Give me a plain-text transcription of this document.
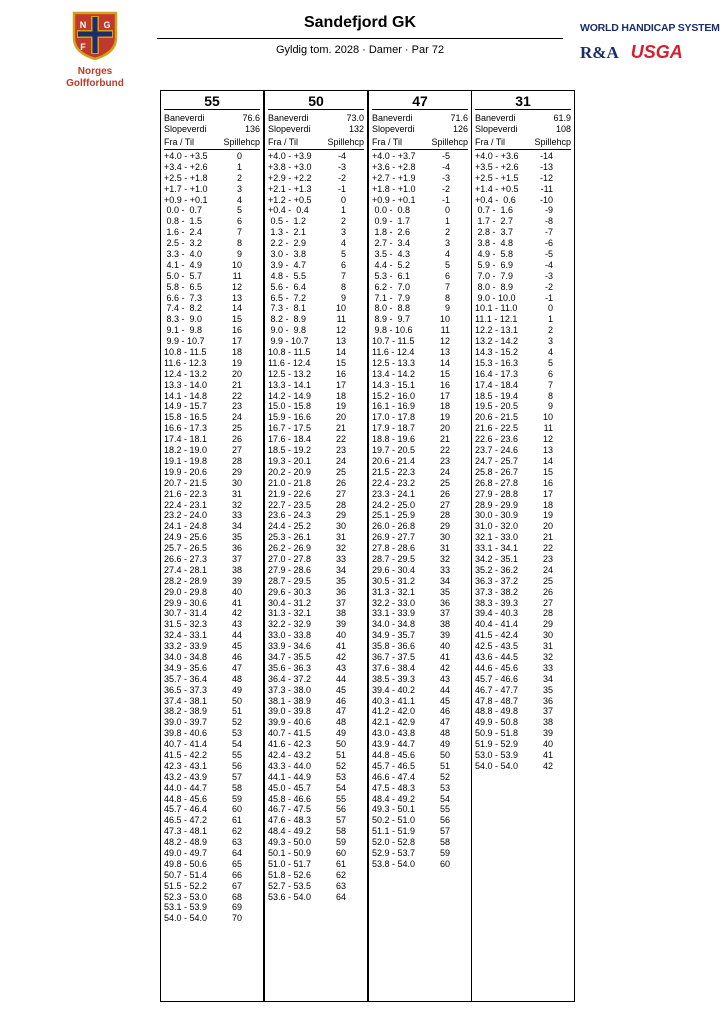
N G
F
Norges
Golfforbund
Sandefjord GK
Gyldig tom. 2028 · Damer · Par 72
WORLD HANDICAP SYSTEM
R&A USGA
55
Baneverdi	76.6
Slopeverdi	136
Fra / Til	Spillehcp
+4.0 - +3.5	0
+3.4 - +2.6	1
+2.5 - +1.8	2
+1.7 - +1.0	3
+0.9 - +0.1	4
0.0 -  0.7	5
0.8 -  1.5	6
1.6 -  2.4	7
2.5 -  3.2	8
3.3 -  4.0	9
4.1 -  4.9	10
5.0 -  5.7	11
5.8 -  6.5	12
6.6 -  7.3	13
7.4 -  8.2	14
8.3 -  9.0	15
9.1 -  9.8	16
9.9 - 10.7	17
10.8 - 11.5	18
11.6 - 12.3	19
12.4 - 13.2	20
13.3 - 14.0	21
14.1 - 14.8	22
14.9 - 15.7	23
15.8 - 16.5	24
16.6 - 17.3	25
17.4 - 18.1	26
18.2 - 19.0	27
19.1 - 19.8	28
19.9 - 20.6	29
20.7 - 21.5	30
21.6 - 22.3	31
22.4 - 23.1	32
23.2 - 24.0	33
24.1 - 24.8	34
24.9 - 25.6	35
25.7 - 26.5	36
26.6 - 27.3	37
27.4 - 28.1	38
28.2 - 28.9	39
29.0 - 29.8	40
29.9 - 30.6	41
30.7 - 31.4	42
31.5 - 32.3	43
32.4 - 33.1	44
33.2 - 33.9	45
34.0 - 34.8	46
34.9 - 35.6	47
35.7 - 36.4	48
36.5 - 37.3	49
37.4 - 38.1	50
38.2 - 38.9	51
39.0 - 39.7	52
39.8 - 40.6	53
40.7 - 41.4	54
41.5 - 42.2	55
42.3 - 43.1	56
43.2 - 43.9	57
44.0 - 44.7	58
44.8 - 45.6	59
45.7 - 46.4	60
46.5 - 47.2	61
47.3 - 48.1	62
48.2 - 48.9	63
49.0 - 49.7	64
49.8 - 50.6	65
50.7 - 51.4	66
51.5 - 52.2	67
52.3 - 53.0	68
53.1 - 53.9	69
54.0 - 54.0	70
50
Baneverdi	73.0
Slopeverdi	132
Fra / Til	Spillehcp
+4.0 - +3.9	-4
+3.8 - +3.0	-3
+2.9 - +2.2	-2
+2.1 - +1.3	-1
+1.2 - +0.5	0
+0.4 -  0.4	1
0.5 -  1.2	2
1.3 -  2.1	3
2.2 -  2.9	4
3.0 -  3.8	5
3.9 -  4.7	6
4.8 -  5.5	7
5.6 -  6.4	8
6.5 -  7.2	9
7.3 -  8.1	10
8.2 -  8.9	11
9.0 -  9.8	12
9.9 - 10.7	13
10.8 - 11.5	14
11.6 - 12.4	15
12.5 - 13.2	16
13.3 - 14.1	17
14.2 - 14.9	18
15.0 - 15.8	19
15.9 - 16.6	20
16.7 - 17.5	21
17.6 - 18.4	22
18.5 - 19.2	23
19.3 - 20.1	24
20.2 - 20.9	25
21.0 - 21.8	26
21.9 - 22.6	27
22.7 - 23.5	28
23.6 - 24.3	29
24.4 - 25.2	30
25.3 - 26.1	31
26.2 - 26.9	32
27.0 - 27.8	33
27.9 - 28.6	34
28.7 - 29.5	35
29.6 - 30.3	36
30.4 - 31.2	37
31.3 - 32.1	38
32.2 - 32.9	39
33.0 - 33.8	40
33.9 - 34.6	41
34.7 - 35.5	42
35.6 - 36.3	43
36.4 - 37.2	44
37.3 - 38.0	45
38.1 - 38.9	46
39.0 - 39.8	47
39.9 - 40.6	48
40.7 - 41.5	49
41.6 - 42.3	50
42.4 - 43.2	51
43.3 - 44.0	52
44.1 - 44.9	53
45.0 - 45.7	54
45.8 - 46.6	55
46.7 - 47.5	56
47.6 - 48.3	57
48.4 - 49.2	58
49.3 - 50.0	59
50.1 - 50.9	60
51.0 - 51.7	61
51.8 - 52.6	62
52.7 - 53.5	63
53.6 - 54.0	64
47
Baneverdi	71.6
Slopeverdi	126
Fra / Til	Spillehcp
+4.0 - +3.7	-5
+3.6 - +2.8	-4
+2.7 - +1.9	-3
+1.8 - +1.0	-2
+0.9 - +0.1	-1
0.0 -  0.8	0
0.9 -  1.7	1
1.8 -  2.6	2
2.7 -  3.4	3
3.5 -  4.3	4
4.4 -  5.2	5
5.3 -  6.1	6
6.2 -  7.0	7
7.1 -  7.9	8
8.0 -  8.8	9
8.9 -  9.7	10
9.8 - 10.6	11
10.7 - 11.5	12
11.6 - 12.4	13
12.5 - 13.3	14
13.4 - 14.2	15
14.3 - 15.1	16
15.2 - 16.0	17
16.1 - 16.9	18
17.0 - 17.8	19
17.9 - 18.7	20
18.8 - 19.6	21
19.7 - 20.5	22
20.6 - 21.4	23
21.5 - 22.3	24
22.4 - 23.2	25
23.3 - 24.1	26
24.2 - 25.0	27
25.1 - 25.9	28
26.0 - 26.8	29
26.9 - 27.7	30
27.8 - 28.6	31
28.7 - 29.5	32
29.6 - 30.4	33
30.5 - 31.2	34
31.3 - 32.1	35
32.2 - 33.0	36
33.1 - 33.9	37
34.0 - 34.8	38
34.9 - 35.7	39
35.8 - 36.6	40
36.7 - 37.5	41
37.6 - 38.4	42
38.5 - 39.3	43
39.4 - 40.2	44
40.3 - 41.1	45
41.2 - 42.0	46
42.1 - 42.9	47
43.0 - 43.8	48
43.9 - 44.7	49
44.8 - 45.6	50
45.7 - 46.5	51
46.6 - 47.4	52
47.5 - 48.3	53
48.4 - 49.2	54
49.3 - 50.1	55
50.2 - 51.0	56
51.1 - 51.9	57
52.0 - 52.8	58
52.9 - 53.7	59
53.8 - 54.0	60
31
Baneverdi	61.9
Slopeverdi	108
Fra / Til	Spillehcp
+4.0 - +3.6	-14
+3.5 - +2.6	-13
+2.5 - +1.5	-12
+1.4 - +0.5	-11
+0.4 -  0.6	-10
0.7 -  1.6	-9
1.7 -  2.7	-8
2.8 -  3.7	-7
3.8 -  4.8	-6
4.9 -  5.8	-5
5.9 -  6.9	-4
7.0 -  7.9	-3
8.0 -  8.9	-2
9.0 - 10.0	-1
10.1 - 11.0	0
11.1 - 12.1	1
12.2 - 13.1	2
13.2 - 14.2	3
14.3 - 15.2	4
15.3 - 16.3	5
16.4 - 17.3	6
17.4 - 18.4	7
18.5 - 19.4	8
19.5 - 20.5	9
20.6 - 21.5	10
21.6 - 22.5	11
22.6 - 23.6	12
23.7 - 24.6	13
24.7 - 25.7	14
25.8 - 26.7	15
26.8 - 27.8	16
27.9 - 28.8	17
28.9 - 29.9	18
30.0 - 30.9	19
31.0 - 32.0	20
32.1 - 33.0	21
33.1 - 34.1	22
34.2 - 35.1	23
35.2 - 36.2	24
36.3 - 37.2	25
37.3 - 38.2	26
38.3 - 39.3	27
39.4 - 40.3	28
40.4 - 41.4	29
41.5 - 42.4	30
42.5 - 43.5	31
43.6 - 44.5	32
44.6 - 45.6	33
45.7 - 46.6	34
46.7 - 47.7	35
47.8 - 48.7	36
48.8 - 49.8	37
49.9 - 50.8	38
50.9 - 51.8	39
51.9 - 52.9	40
53.0 - 53.9	41
54.0 - 54.0	42
